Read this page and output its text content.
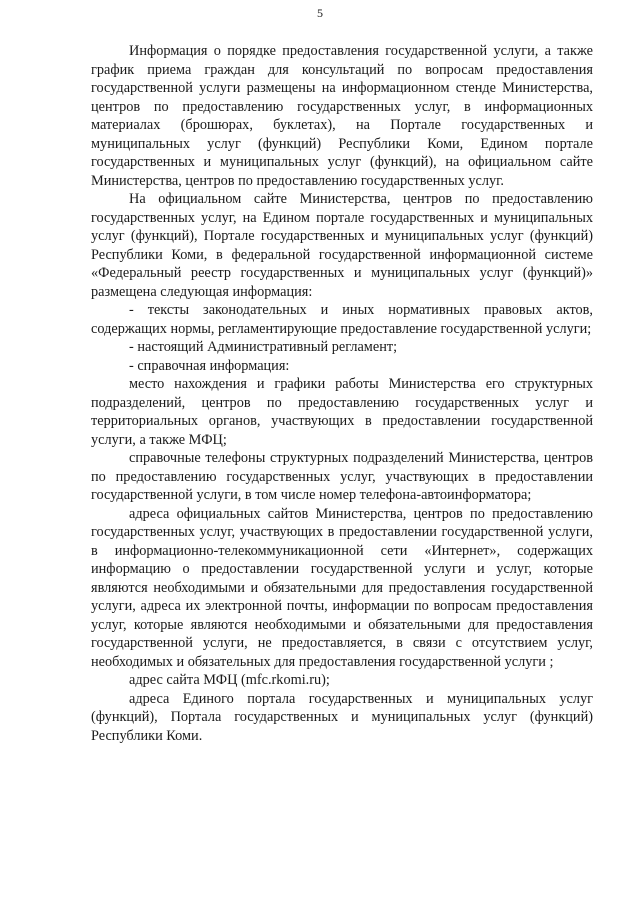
5

Информация о порядке предоставления государственной услуги, а также график приема граждан для консультаций по вопросам предоставления государственной услуги размещены на информационном стенде Министерства, центров по предоставлению государственных услуг, в информационных материалах (брошюрах, буклетах), на Портале государственных и муниципальных услуг (функций) Республики Коми, Едином портале государственных и муниципальных услуг (функций), на официальном сайте Министерства, центров по предоставлению государственных услуг.

На официальном сайте Министерства, центров по предоставлению государственных услуг, на Едином портале государственных и муниципальных услуг (функций), Портале государственных и муниципальных услуг (функций) Республики Коми, в федеральной государственной информационной системе «Федеральный реестр государственных и муниципальных услуг (функций)» размещена следующая информация:

- тексты законодательных и иных нормативных правовых актов, содержащих нормы, регламентирующие предоставление государственной услуги;

- настоящий Административный регламент;

- справочная информация:

место нахождения и графики работы Министерства его структурных подразделений, центров по предоставлению государственных услуг и территориальных органов, участвующих в предоставлении государственной услуги, а также МФЦ;

справочные телефоны структурных подразделений Министерства, центров по предоставлению государственных услуг, участвующих в предоставлении государственной услуги, в том числе номер телефона-автоинформатора;

адреса официальных сайтов Министерства, центров по предоставлению государственных услуг, участвующих в предоставлении государственной услуги, в информационно-телекоммуникационной сети «Интернет», содержащих информацию о предоставлении государственной услуги и услуг, которые являются необходимыми и обязательными для предоставления государственной услуги, адреса их электронной почты, информации по вопросам предоставления услуг, которые являются необходимыми и обязательными для предоставления государственной услуги, не предоставляется, в связи с отсутствием услуг, необходимых и обязательных для предоставления государственной услуги ;

адрес сайта МФЦ (mfc.rkomi.ru);

адреса Единого портала государственных и муниципальных услуг (функций), Портала государственных и муниципальных услуг (функций) Республики Коми.
